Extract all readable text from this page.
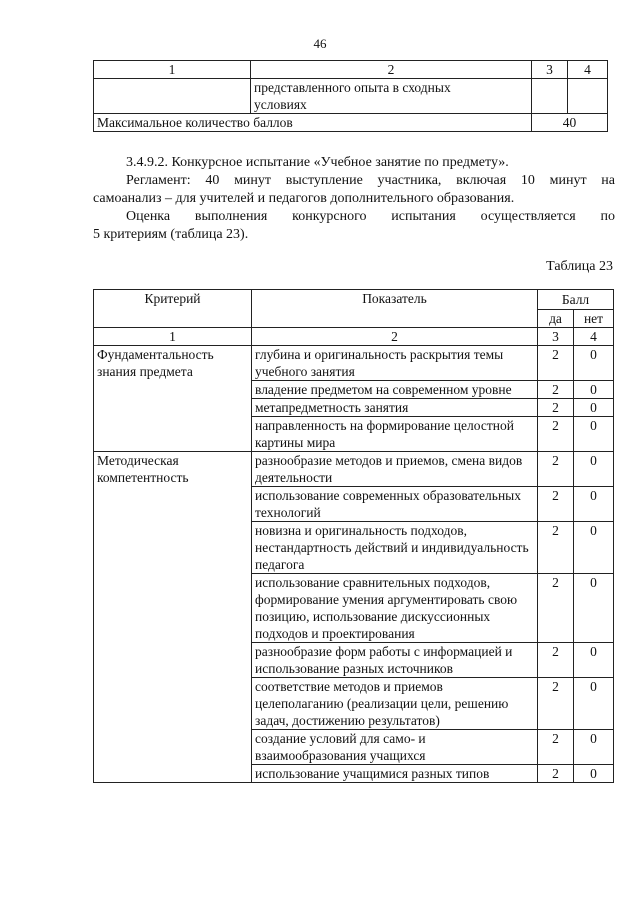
46
1	2	3	4
	представленного опыта в сходных
условиях		
Максимальное количество баллов		40	
3.4.9.2. Конкурсное испытание «Учебное занятие по предмету».
Регламент: 40 минут выступление участника, включая 10 минут на
самоанализ – для учителей и педагогов дополнительного образования.
Оценка выполнения конкурсного испытания осуществляется по
5 критериям (таблица 23).
Таблица 23
Критерий	Показатель	Балл	
		да	нет
1	2	3	4
Фундаментальность знания предмета	глубина и оригинальность раскрытия темы учебного занятия	2	0
	владение предметом на современном уровне	2	0
	метапредметность занятия	2	0
	направленность на формирование целостной картины мира	2	0
Методическая компетентность	разнообразие методов и приемов, смена видов деятельности	2	0
	использование современных образовательных технологий	2	0
	новизна и оригинальность подходов, нестандартность действий и индивидуальность педагога	2	0
	использование сравнительных подходов, формирование умения аргументировать свою позицию, использование дискуссионных подходов и проектирования	2	0
	разнообразие форм работы с информацией и использование разных источников	2	0
	соответствие методов и приемов целеполаганию (реализации цели, решению задач, достижению результатов)	2	0
	создание условий для само- и взаимообразования учащихся	2	0
	использование учащимися разных типов	2	0
